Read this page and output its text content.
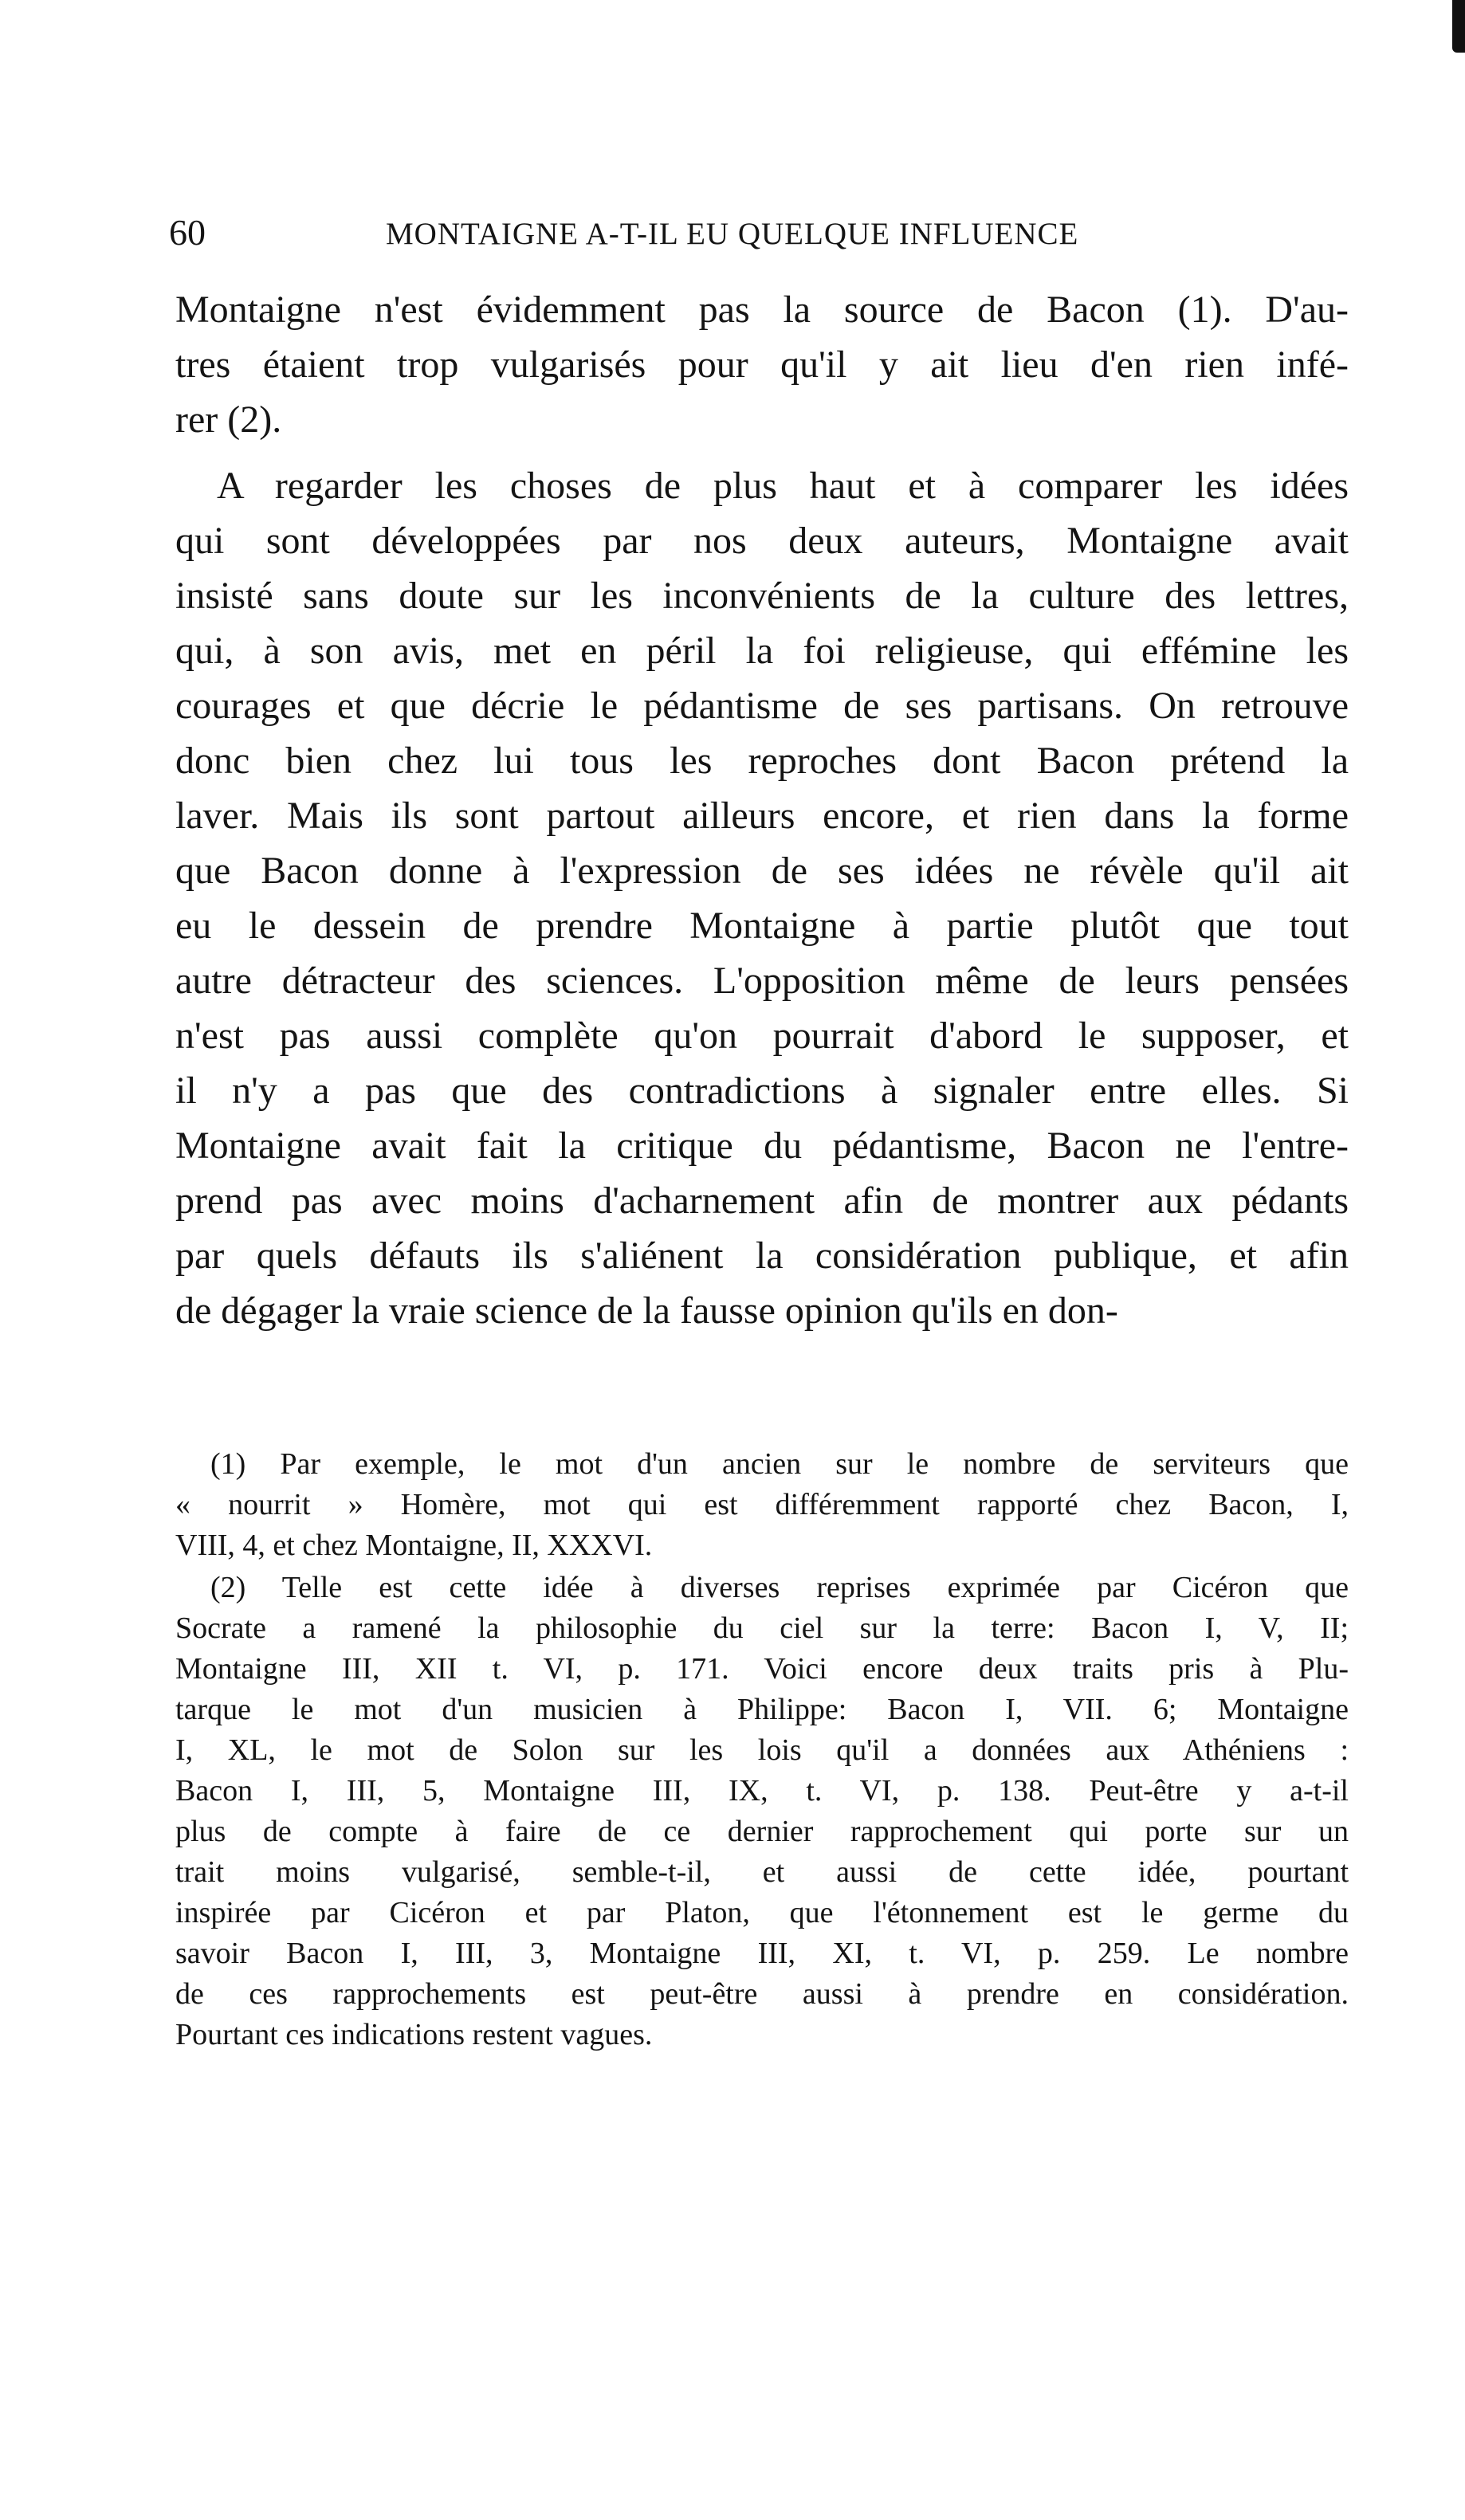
60	MONTAIGNE A-T-IL EU QUELQUE INFLUENCE

Montaigne n'est évidemment pas la source de Bacon (1). D'au-
tres étaient trop vulgarisés pour qu'il y ait lieu d'en rien infé-
rer (2).

A regarder les choses de plus haut et à comparer les idées
qui sont développées par nos deux auteurs, Montaigne avait
insisté sans doute sur les inconvénients de la culture des lettres,
qui, à son avis, met en péril la foi religieuse, qui efféminе les
courages et que décrie le pédantisme de ses partisans. On retrouve
donc bien chez lui tous les reproches dont Bacon prétend la
laver. Mais ils sont partout ailleurs encore, et rien dans la forme
que Bacon donne à l'expression de ses idées ne révèle qu'il ait
eu le dessein de prendre Montaigne à partie plutôt que tout
autre détracteur des sciences. L'opposition même de leurs pensées
n'est pas aussi complète qu'on pourrait d'abord le supposer, et
il n'y a pas que des contradictions à signaler entre elles. Si
Montaigne avait fait la critique du pédantisme, Bacon ne l'entre-
prend pas avec moins d'acharnement afin de montrer aux pédants
par quels défauts ils s'aliénent la considération publique, et afin
de dégager la vraie science de la fausse opinion qu'ils en don-

(1) Par exemple, le mot d'un ancien sur le nombre de serviteurs que
« nourrit » Homère, mot qui est différemment rapporté chez Bacon, I,
VIII, 4, et chez Montaigne, II, XXXVI.

(2) Telle est cette idée à diverses reprises exprimée par Cicéron que
Socrate a ramené la philosophie du ciel sur la terre: Bacon I, V, II;
Montaigne III, XII t. VI, p. 171. Voici encore deux traits pris à Plu-
tarque le mot d'un musicien à Philippe: Bacon I, VII. 6; Montaigne
I, XL, le mot de Solon sur les lois qu'il a données aux Athéniens :
Bacon I, III, 5, Montaigne III, IX, t. VI, p. 138. Peut-être y a-t-il
plus de compte à faire de ce dernier rapprochement qui porte sur un
trait moins vulgarisé, semble-t-il, et aussi de cette idée, pourtant
inspirée par Cicéron et par Platon, que l'étonnement est le germe du
savoir Bacon I, III, 3, Montaigne III, XI, t. VI, p. 259. Le nombre
de ces rapprochements est peut-être aussi à prendre en considération.
Pourtant ces indications restent vagues.
